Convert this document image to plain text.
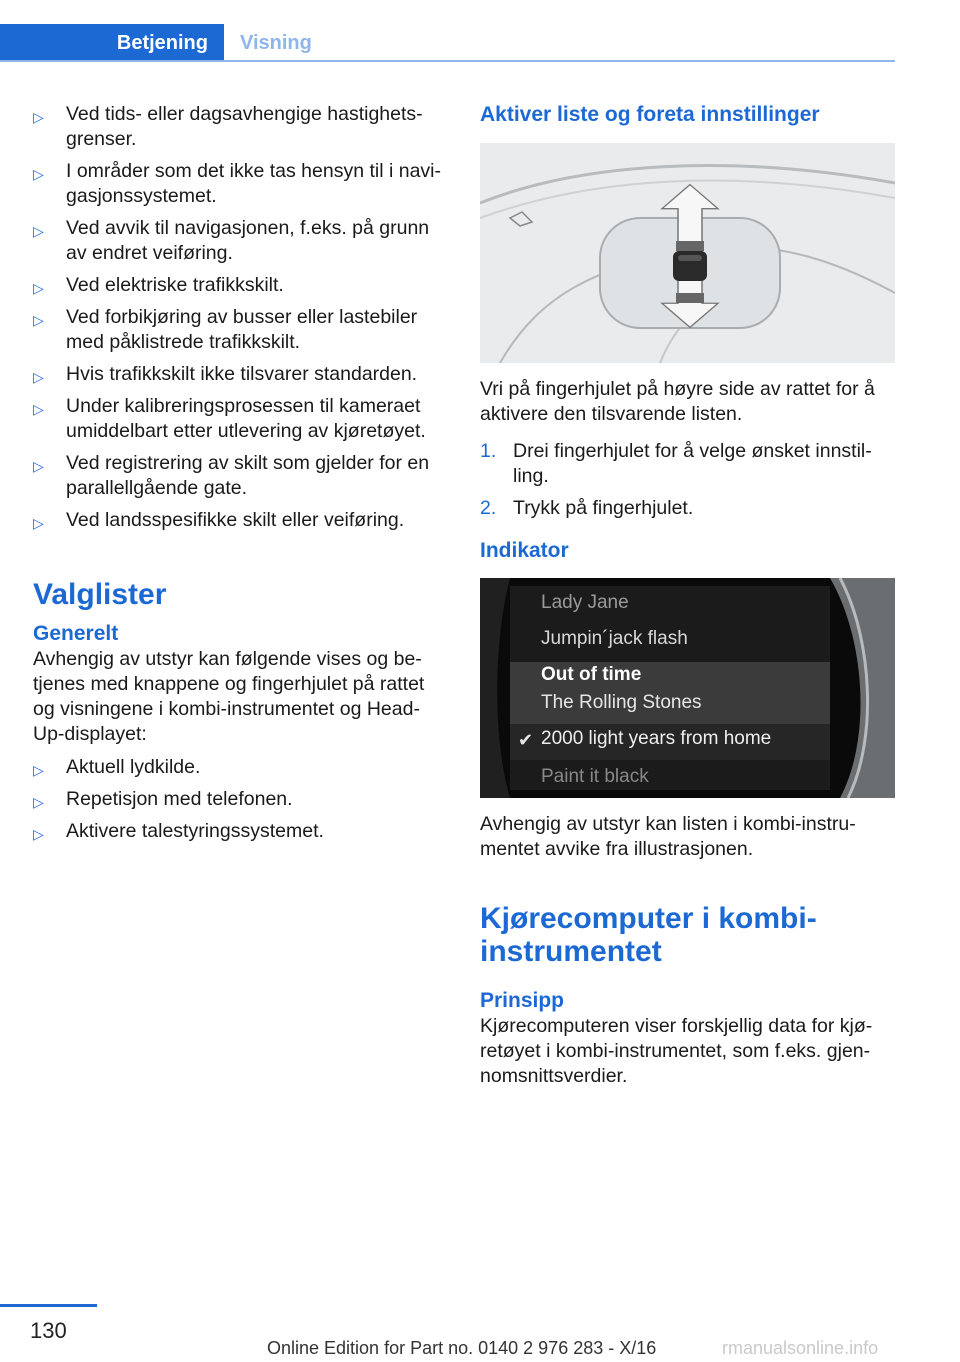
Betjening	Visning
▷ Ved tids- eller dagsavhengige hastighets-grenser.
▷ I områder som det ikke tas hensyn til i navi-gasjonssystemet.
▷ Ved avvik til navigasjonen, f.eks. på grunn av endret veiføring.
▷ Ved elektriske trafikkskilt.
▷ Ved forbikjøring av busser eller lastebiler med påklistrede trafikkskilt.
▷ Hvis trafikkskilt ikke tilsvarer standarden.
▷ Under kalibreringsprosessen til kameraet umiddelbart etter utlevering av kjøretøyet.
▷ Ved registrering av skilt som gjelder for en parallellgående gate.
▷ Ved landsspesifikke skilt eller veiføring.
Valglister
Generelt

Avhengig av utstyr kan følgende vises og be-tjenes med knappene og fingerhjulet på rattet og visningene i kombi-instrumentet og Head-Up-displayet:

▷ Aktuell lydkilde.
▷ Repetisjon med telefonen.
▷ Aktivere talestyringssystemet.
Aktiver liste og foreta innstillinger

Vri på fingerhjulet på høyre side av rattet for å aktivere den tilsvarende listen.

1. Drei fingerhjulet for å velge ønsket innstil-ling.
2. Trykk på fingerhjulet.
Indikator
Lady Jane
Jumpin´jack flash
Out of time
The Rolling Stones
✔ 2000 light years from home
Paint it black

Avhengig av utstyr kan listen i kombi-instru-mentet avvike fra illustrasjonen.

Kjørecomputer i kombi-instrumentet
Prinsipp

Kjørecomputeren viser forskjellig data for kjø-retøyet i kombi-instrumentet, som f.eks. gjen-nomsnittsverdier.

130
Online Edition for Part no. 0140 2 976 283 - X/16	rmanualsonline.info
